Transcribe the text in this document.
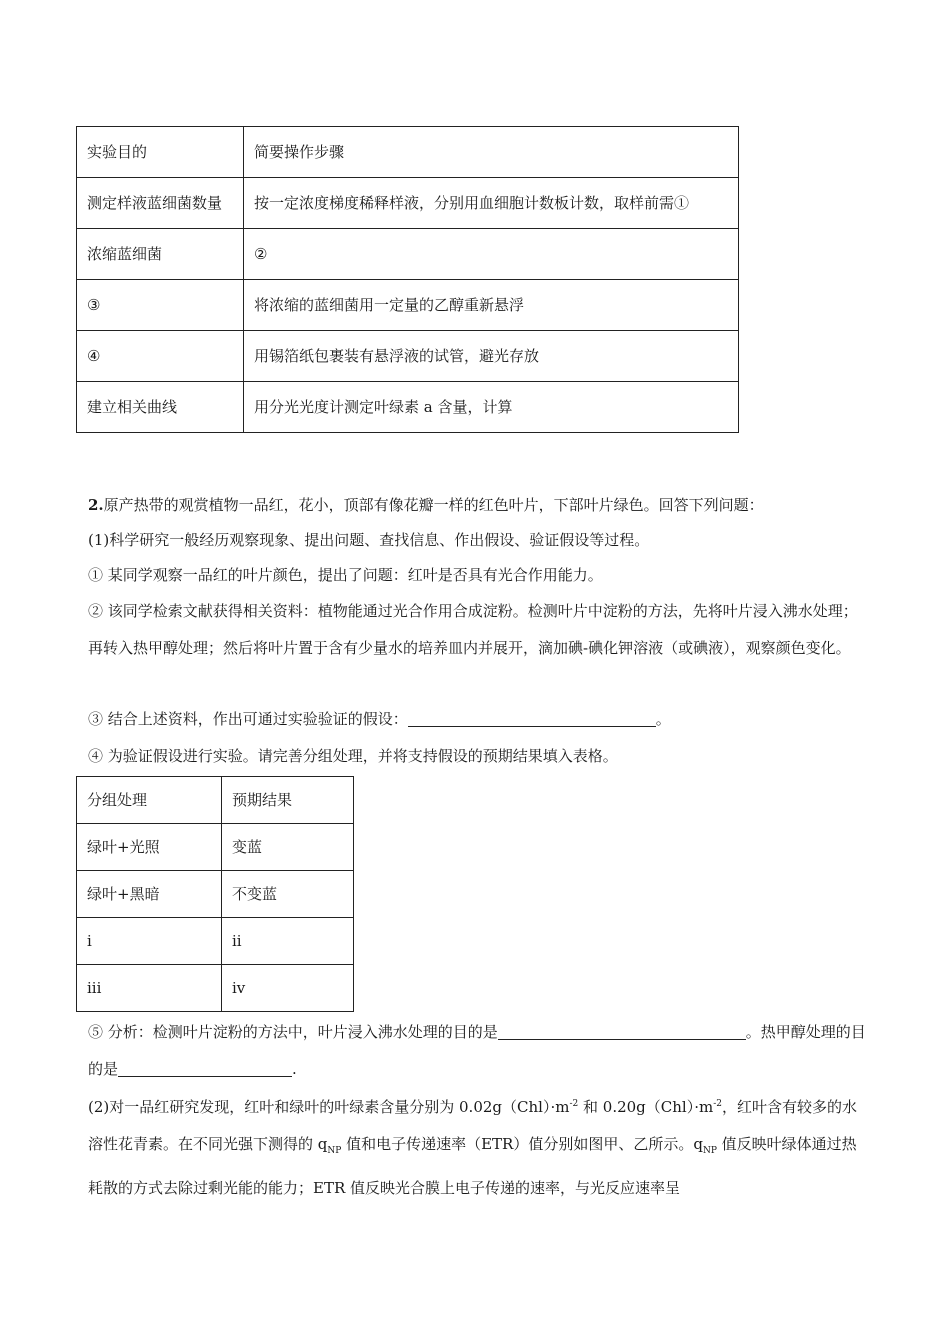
实验目的	简要操作步骤
测定样液蓝细菌数量	按一定浓度梯度稀释样液，分别用血细胞计数板计数，取样前需①
浓缩蓝细菌	②
③	将浓缩的蓝细菌用一定量的乙醇重新悬浮
④	用锡箔纸包裹装有悬浮液的试管，避光存放
建立相关曲线	用分光光度计测定叶绿素 a 含量，计算

2.原产热带的观赏植物一品红，花小，顶部有像花瓣一样的红色叶片，下部叶片绿色。回答下列问题：

(1)科学研究一般经历观察现象、提出问题、查找信息、作出假设、验证假设等过程。

① 某同学观察一品红的叶片颜色，提出了问题：红叶是否具有光合作用能力。

② 该同学检索文献获得相关资料：植物能通过光合作用合成淀粉。检测叶片中淀粉的方法，先将叶片浸入沸水处理；再转入热甲醇处理；然后将叶片置于含有少量水的培养皿内并展开，滴加碘-碘化钾溶液（或碘液），观察颜色变化。

③ 结合上述资料，作出可通过实验验证的假设：	。

④ 为验证假设进行实验。请完善分组处理，并将支持假设的预期结果填入表格。

分组处理	预期结果
绿叶+光照	变蓝
绿叶+黑暗	不变蓝
i	ii
iii	iv

⑤ 分析：检测叶片淀粉的方法中，叶片浸入沸水处理的目的是	。热甲醇处理的目的是	.

(2)对一品红研究发现，红叶和绿叶的叶绿素含量分别为 $0.02g(Chl)\cdot m^{-2}$ 和 $0.20g(Chl)\cdot m^{-2}$，红叶含有较多的水溶性花青素。在不同光强下测得的 $q_{NP}$ 值和电子传递速率（ETR）值分别如图甲、乙所示。$q_{NP}$ 值反映叶绿体通过热耗散的方式去除过剩光能的能力；ETR 值反映光合膜上电子传递的速率，与光反应速率呈
